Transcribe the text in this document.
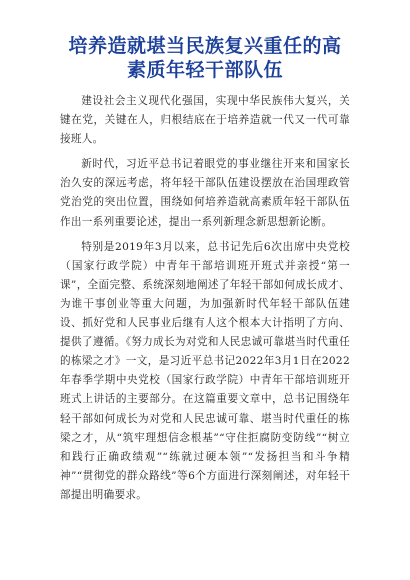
培养造就堪当民族复兴重任的高素质年轻干部队伍

建设社会主义现代化强国，实现中华民族伟大复兴，关键在党，关键在人，归根结底在于培养造就一代又一代可靠接班人。

新时代，习近平总书记着眼党的事业继往开来和国家长治久安的深远考虑，将年轻干部队伍建设摆放在治国理政管党治党的突出位置，围绕如何培养造就高素质年轻干部队伍作出一系列重要论述，提出一系列新理念新思想新论断。

特别是2019年3月以来，总书记先后6次出席中央党校（国家行政学院）中青年干部培训班开班式并亲授“第一课”，全面完整、系统深刻地阐述了年轻干部如何成长成才、为谁干事创业等重大问题，为加强新时代年轻干部队伍建设、抓好党和人民事业后继有人这个根本大计指明了方向、提供了遵循。《努力成长为对党和人民忠诚可靠堪当时代重任的栋梁之才》一文，是习近平总书记2022年3月1日在2022年春季学期中央党校（国家行政学院）中青年干部培训班开班式上讲话的主要部分。在这篇重要文章中，总书记围绕年轻干部如何成长为对党和人民忠诚可靠、堪当时代重任的栋梁之才，从“筑牢理想信念根基”“守住拒腐防变防线”“树立和践行正确政绩观”“练就过硬本领”“发扬担当和斗争精神”“贯彻党的群众路线”等6个方面进行深刻阐述，对年轻干部提出明确要求。
